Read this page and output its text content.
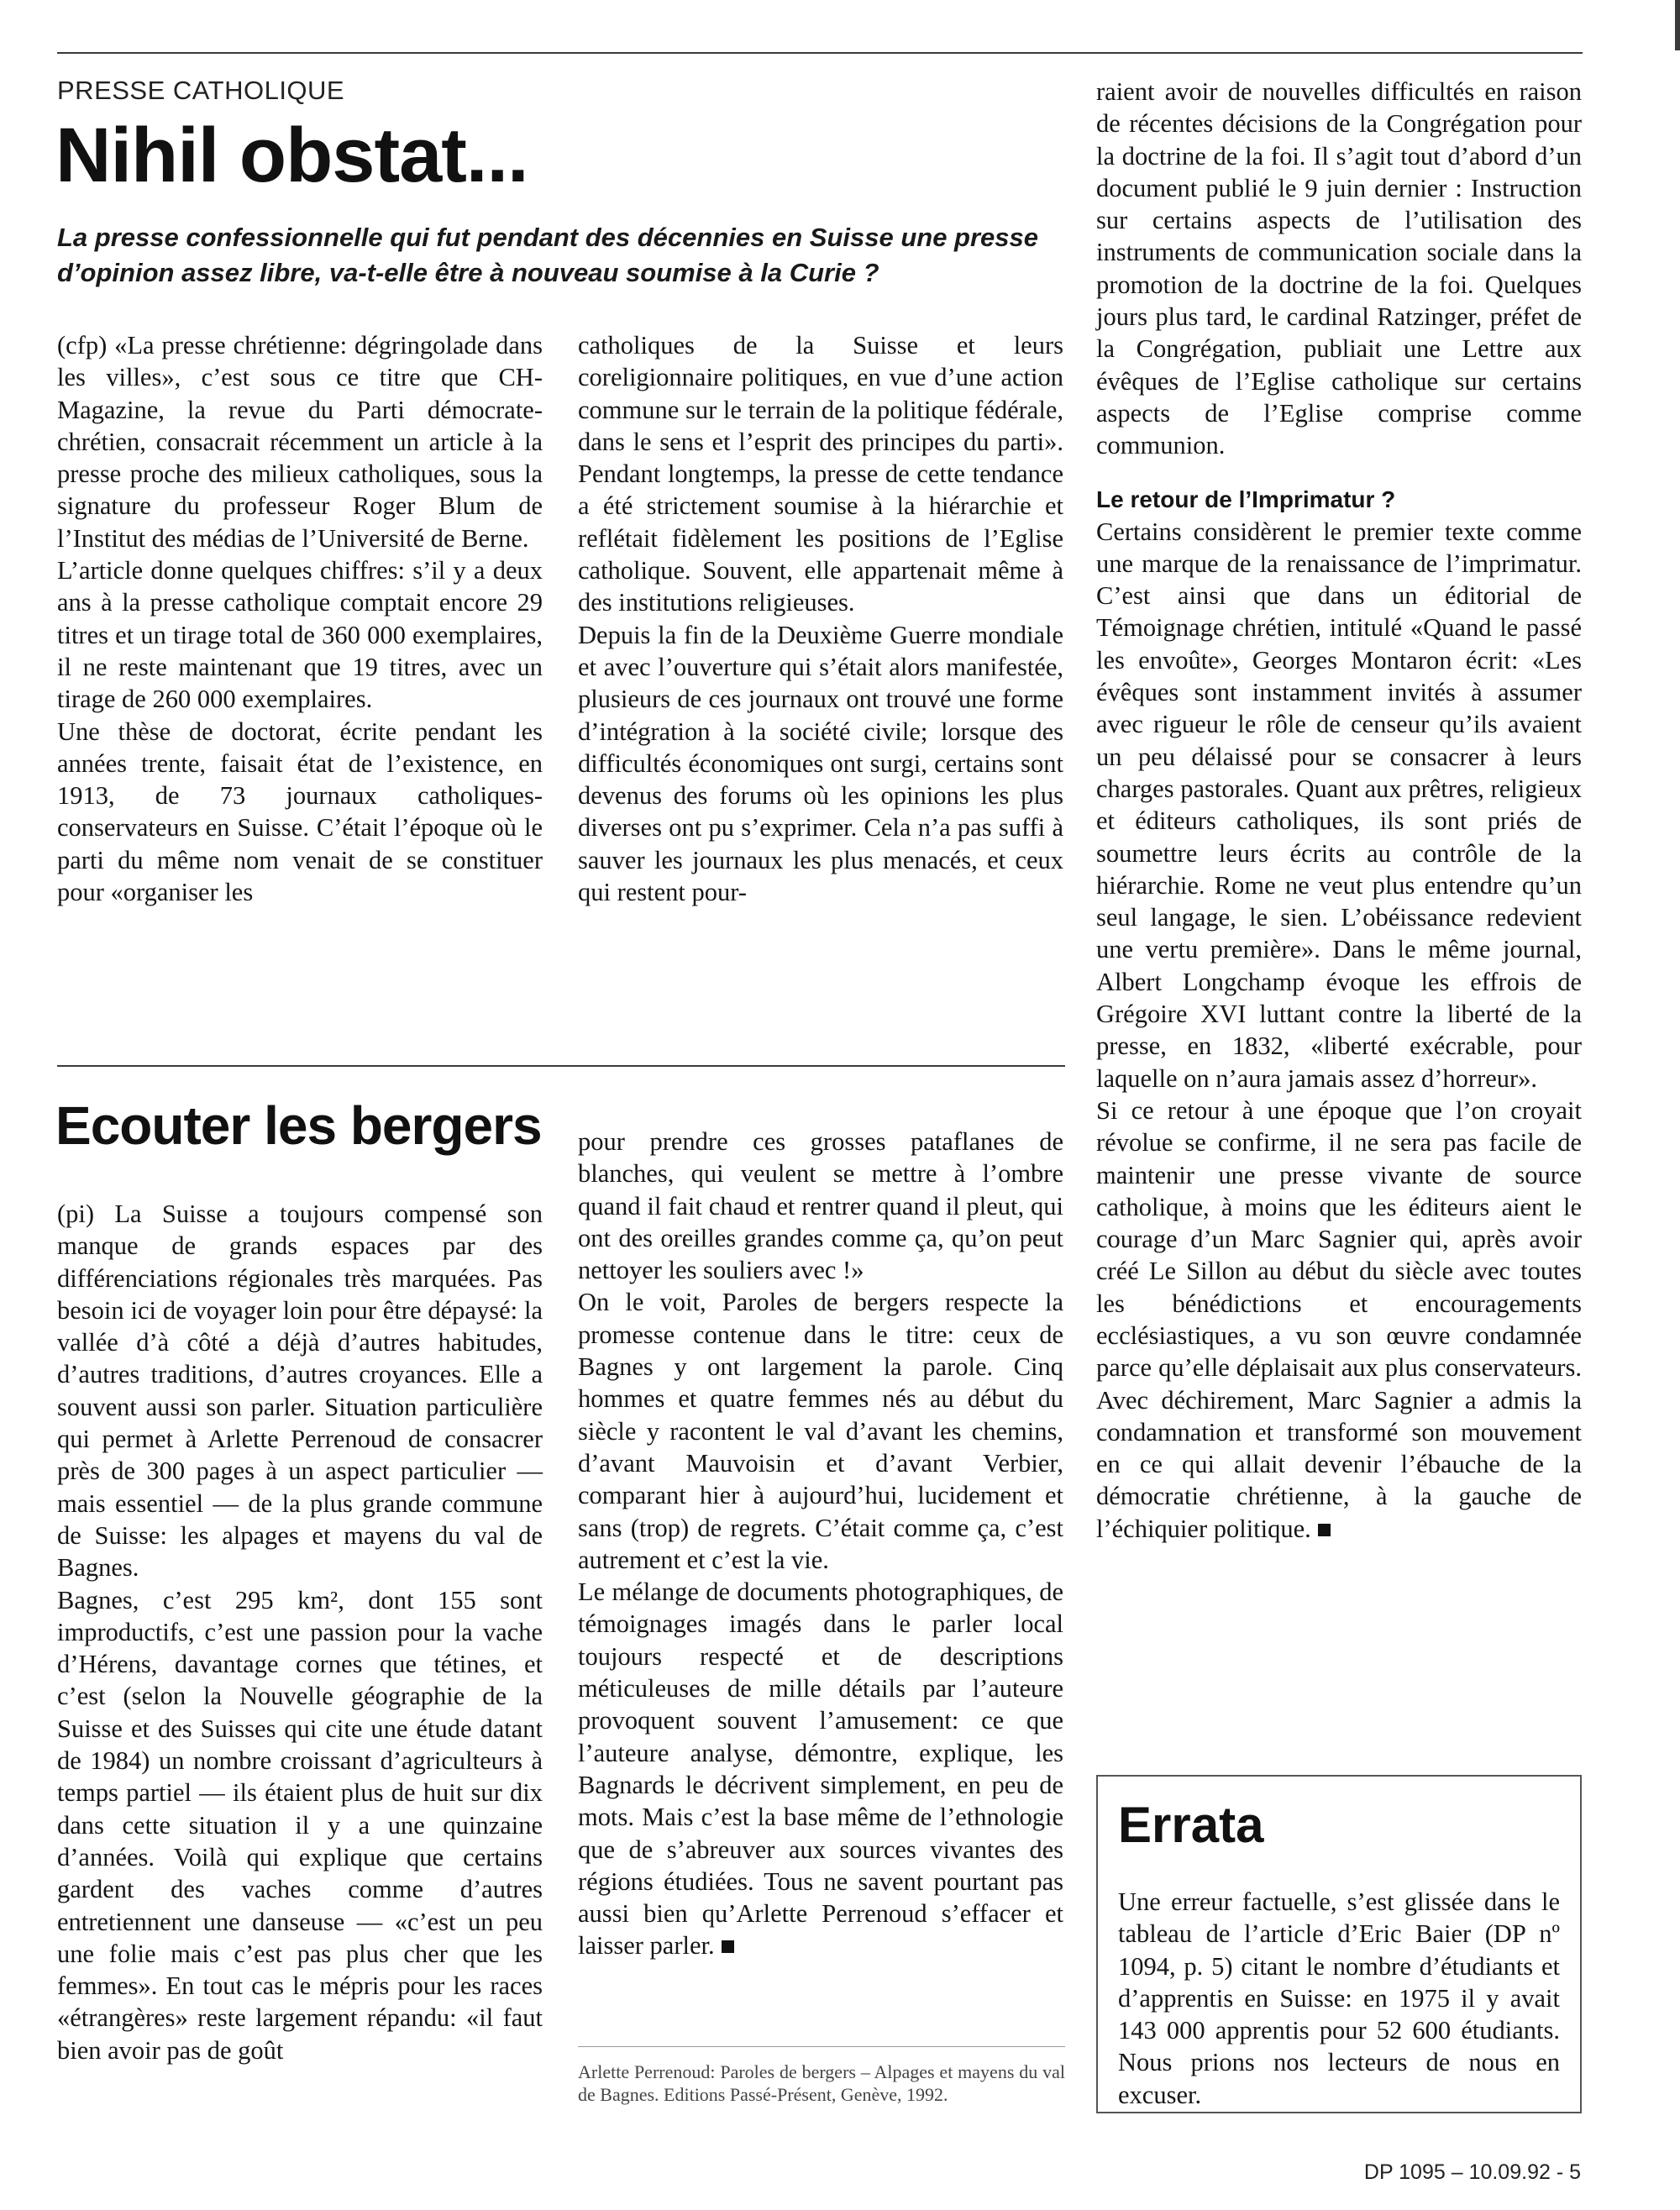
PRESSE CATHOLIQUE
Nihil obstat...

La presse confessionnelle qui fut pendant des décennies en Suisse une presse d’opinion assez libre, va-t-elle être à nouveau soumise à la Curie ?

(cfp) «La presse chrétienne: dégringolade dans les villes», c’est sous ce titre que CH-Magazine, la revue du Parti démocrate-chrétien, consacrait récemment un article à la presse proche des milieux catholiques, sous la signature du professeur Roger Blum de l’Institut des médias de l’Université de Berne.

L’article donne quelques chiffres: s’il y a deux ans à la presse catholique comptait encore 29 titres et un tirage total de 360 000 exemplaires, il ne reste maintenant que 19 titres, avec un tirage de 260 000 exemplaires.

Une thèse de doctorat, écrite pendant les années trente, faisait état de l’existence, en 1913, de 73 journaux catholiques-conservateurs en Suisse. C’était l’époque où le parti du même nom venait de se constituer pour «organiser les

catholiques de la Suisse et leurs coreligionnaire politiques, en vue d’une action commune sur le terrain de la politique fédérale, dans le sens et l’esprit des principes du parti». Pendant longtemps, la presse de cette tendance a été strictement soumise à la hiérarchie et reflétait fidèlement les positions de l’Eglise catholique. Souvent, elle appartenait même à des institutions religieuses.

Depuis la fin de la Deuxième Guerre mondiale et avec l’ouverture qui s’était alors manifestée, plusieurs de ces journaux ont trouvé une forme d’intégration à la société civile; lorsque des difficultés économiques ont surgi, certains sont devenus des forums où les opinions les plus diverses ont pu s’exprimer. Cela n’a pas suffi à sauver les journaux les plus menacés, et ceux qui restent pour-

raient avoir de nouvelles difficultés en raison de récentes décisions de la Congrégation pour la doctrine de la foi. Il s’agit tout d’abord d’un document publié le 9 juin dernier : Instruction sur certains aspects de l’utilisation des instruments de communication sociale dans la promotion de la doctrine de la foi. Quelques jours plus tard, le cardinal Ratzinger, préfet de la Congrégation, publiait une Lettre aux évêques de l’Eglise catholique sur certains aspects de l’Eglise comprise comme communion.

Le retour de l’Imprimatur ?

Certains considèrent le premier texte comme une marque de la renaissance de l’imprimatur. C’est ainsi que dans un éditorial de Témoignage chrétien, intitulé «Quand le passé les envoûte», Georges Montaron écrit: «Les évêques sont instamment invités à assumer avec rigueur le rôle de censeur qu’ils avaient un peu délaissé pour se consacrer à leurs charges pastorales. Quant aux prêtres, religieux et éditeurs catholiques, ils sont priés de soumettre leurs écrits au contrôle de la hiérarchie. Rome ne veut plus entendre qu’un seul langage, le sien. L’obéissance redevient une vertu première». Dans le même journal, Albert Longchamp évoque les effrois de Grégoire XVI luttant contre la liberté de la presse, en 1832, «liberté exécrable, pour laquelle on n’aura jamais assez d’horreur».

Si ce retour à une époque que l’on croyait révolue se confirme, il ne sera pas facile de maintenir une presse vivante de source catholique, à moins que les éditeurs aient le courage d’un Marc Sagnier qui, après avoir créé Le Sillon au début du siècle avec toutes les bénédictions et encouragements ecclésiastiques, a vu son œuvre condamnée parce qu’elle déplaisait aux plus conservateurs. Avec déchirement, Marc Sagnier a admis la condamnation et transformé son mouvement en ce qui allait devenir l’ébauche de la démocratie chrétienne, à la gauche de l’échiquier politique.

Ecouter les bergers

(pi) La Suisse a toujours compensé son manque de grands espaces par des différenciations régionales très marquées. Pas besoin ici de voyager loin pour être dépaysé: la vallée d’à côté a déjà d’autres habitudes, d’autres traditions, d’autres croyances. Elle a souvent aussi son parler. Situation particulière qui permet à Arlette Perrenoud de consacrer près de 300 pages à un aspect particulier — mais essentiel — de la plus grande commune de Suisse: les alpages et mayens du val de Bagnes.

Bagnes, c’est 295 km², dont 155 sont improductifs, c’est une passion pour la vache d’Hérens, davantage cornes que tétines, et c’est (selon la Nouvelle géographie de la Suisse et des Suisses qui cite une étude datant de 1984) un nombre croissant d’agriculteurs à temps partiel — ils étaient plus de huit sur dix dans cette situation il y a une quinzaine d’années. Voilà qui explique que certains gardent des vaches comme d’autres entretiennent une danseuse — «c’est un peu une folie mais c’est pas plus cher que les femmes». En tout cas le mépris pour les races «étrangères» reste largement répandu: «il faut bien avoir pas de goût

pour prendre ces grosses pataflanes de blanches, qui veulent se mettre à l’ombre quand il fait chaud et rentrer quand il pleut, qui ont des oreilles grandes comme ça, qu’on peut nettoyer les souliers avec !»

On le voit, Paroles de bergers respecte la promesse contenue dans le titre: ceux de Bagnes y ont largement la parole. Cinq hommes et quatre femmes nés au début du siècle y racontent le val d’avant les chemins, d’avant Mauvoisin et d’avant Verbier, comparant hier à aujourd’hui, lucidement et sans (trop) de regrets. C’était comme ça, c’est autrement et c’est la vie.

Le mélange de documents photographiques, de témoignages imagés dans le parler local toujours respecté et de descriptions méticuleuses de mille détails par l’auteure provoquent souvent l’amusement: ce que l’auteure analyse, démontre, explique, les Bagnards le décrivent simplement, en peu de mots. Mais c’est la base même de l’ethnologie que de s’abreuver aux sources vivantes des régions étudiées. Tous ne savent pourtant pas aussi bien qu’Arlette Perrenoud s’effacer et laisser parler.

Arlette Perrenoud: Paroles de bergers – Alpages et mayens du val de Bagnes. Editions Passé-Présent, Genève, 1992.

Errata

Une erreur factuelle, s’est glissée dans le tableau de l’article d’Eric Baier (DP nº 1094, p. 5) citant le nombre d’étudiants et d’apprentis en Suisse: en 1975 il y avait 143 000 apprentis pour 52 600 étudiants. Nous prions nos lecteurs de nous en excuser.

DP 1095 – 10.09.92 - 5
